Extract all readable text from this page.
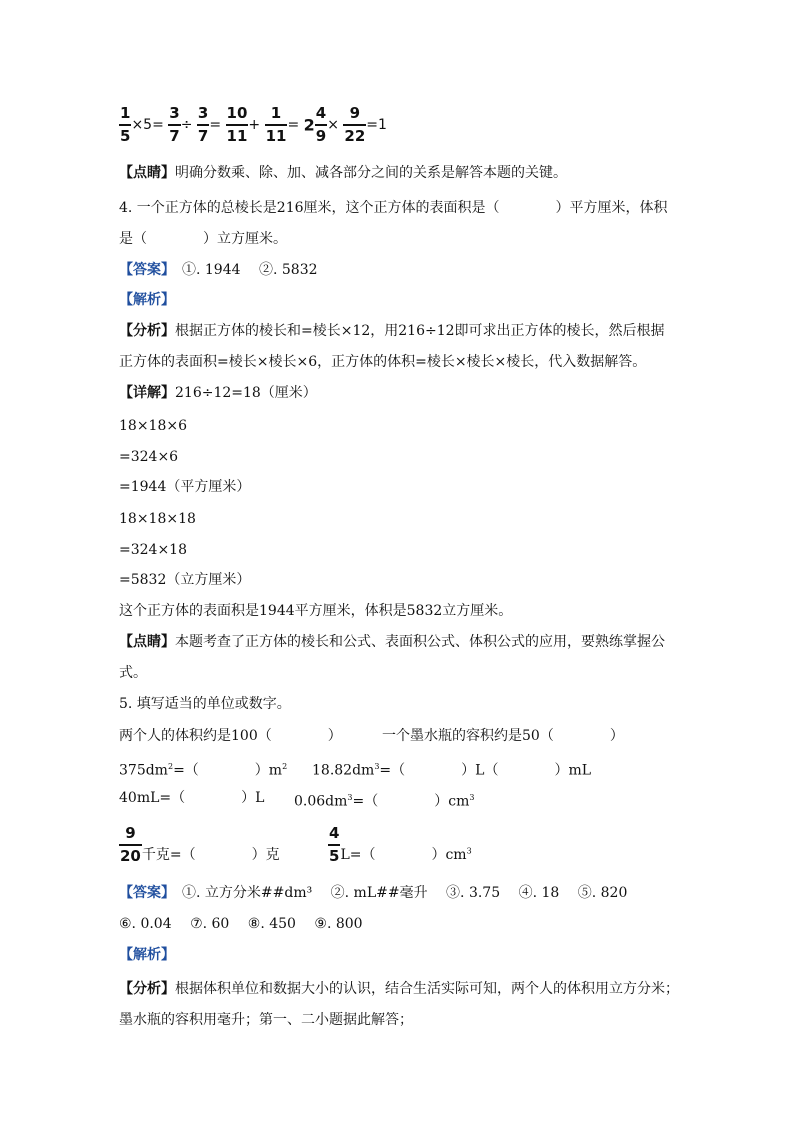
$\frac{1}{5} \times 5= \frac{3}{7} \div \frac{3}{7} = \frac{10}{11} + \frac{1}{11} = 2 \frac{4}{9} \times \frac{9}{22} =1$
【点睛】明确分数乘、除、加、减各部分之间的关系是解答本题的关键。
4. 一个正方体的总棱长是216厘米，这个正方体的表面积是（　　　　）平方厘米，体积
是（　　　　）立方厘米。
【答案】　①. 1944　 ②. 5832
【解析】
【分析】根据正方体的棱长和=棱长×12，用216÷12即可求出正方体的棱长，然后根据
正方体的表面积=棱长×棱长×6，正方体的体积=棱长×棱长×棱长，代入数据解答。
【详解】216÷12=18（厘米）
18×18×6
=324×6
=1944（平方厘米）
18×18×18
=324×18
=5832（立方厘米）
这个正方体的表面积是1944平方厘米，体积是5832立方厘米。
【点睛】本题考查了正方体的棱长和公式、表面积公式、体积公式的应用，要熟练掌握公
式。
5. 填写适当的单位或数字。
两个人的体积约是100（　　　　）	一个墨水瓶的容积约是50（　　　　）
$375dm^2=$（　　　　）$m^2$ $18.82dm^3=$（　　　　）L（　　　　）mL
40mL=（　　　　）L $0.06dm^3=$（　　　　）$cm^3$
$\frac{9}{20}$ 千克=（　　　　）克	$\frac{4}{5} L=$（　　　　）$cm^3$
【答案】　①. 立方分米##dm³　 ②. mL##毫升　 ③. 3.75　 ④. 18　 ⑤. 820
⑥. 0.04　 ⑦. 60　 ⑧. 450　 ⑨. 800
【解析】
【分析】根据体积单位和数据大小的认识，结合生活实际可知，两个人的体积用立方分米；
墨水瓶的容积用毫升；第一、二小题据此解答；
